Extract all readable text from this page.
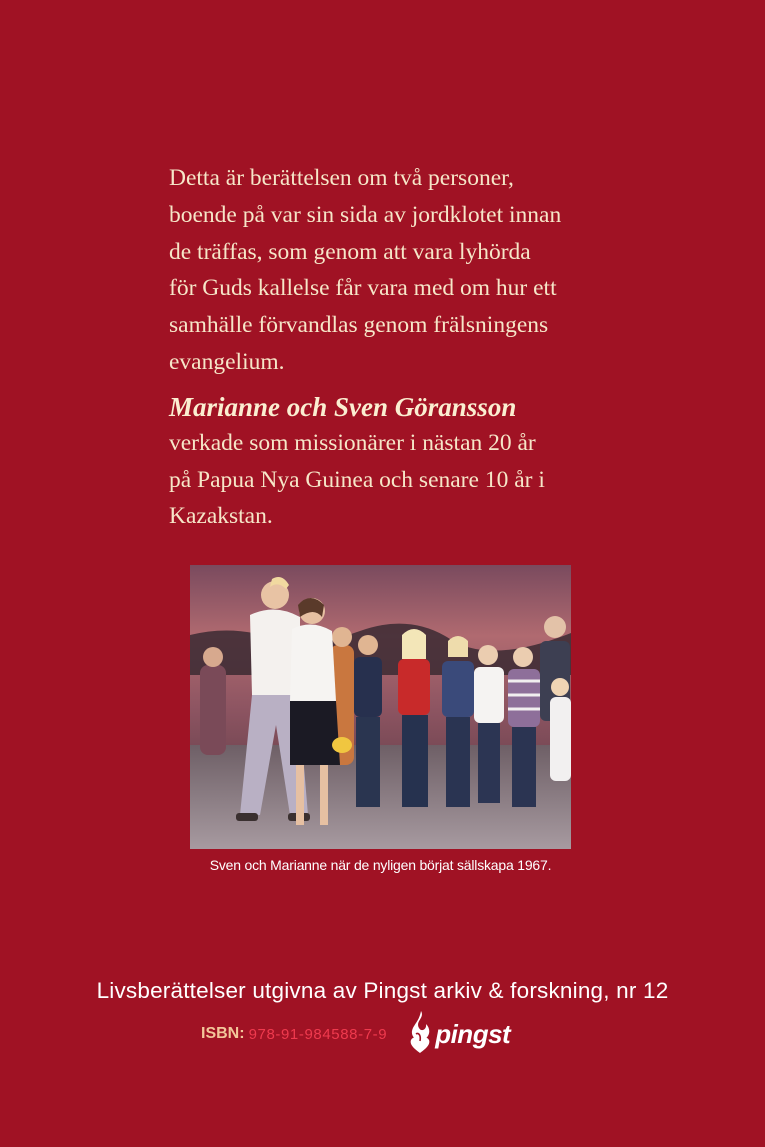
Detta är berättelsen om två personer,
boende på var sin sida av jordklotet innan
de träffas, som genom att vara lyhörda
för Guds kallelse får vara med om hur ett
samhälle förvandlas genom frälsningens
evangelium.

Marianne och Sven Göransson

verkade som missionärer i nästan 20 år
på Papua Nya Guinea och senare 10 år i
Kazakstan.

Sven och Marianne när de nyligen börjat sällskapa 1967.
Livsberättelser utgivna av Pingst arkiv & forskning, nr 12
ISBN: 978-91-984588-7-9 pingst
